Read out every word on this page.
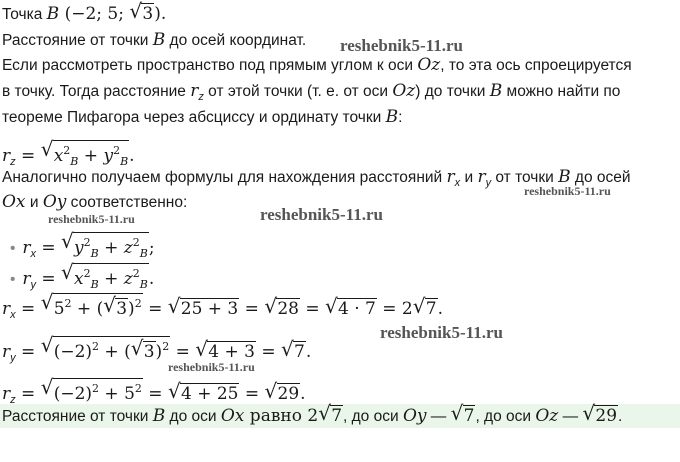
Точка B (−2; 5; √ 3).
Расстояние от точки B до осей координат.
Если рассмотреть пространство под прямым углом к оси Oz, то эта ось спроецируется
в точку. Тогда расстояние $r_z$ от этой точки (т. е. от оси Oz) до точки B можно найти по
теореме Пифагора через абсциссу и ординату точки B:
$r_z$ = √ $x^2_B + y^2_B$.
Аналогично получаем формулы для нахождения расстояний $r_x$ и $r_y$ от точки B до осей
Ox и Oy соответственно:
• $r_x$ = √ $y^2_B + z^2_B$;
• $r_y$ = √ $x^2_B + z^2_B$.
$r_x$ = √ $5^2$ + ( √ 3)$^2$ = √ 25 + 3 = √ 28 = √ 4 · 7 = 2 √ 7.
$r_y$ = √ $(-2)^2$ + ( √ 3)$^2$ = √ 4 + 3 = √ 7.
$r_z$ = √ $(-2)^2 + 5^2$ = √ 4 + 25 = √ 29.
Расстояние от точки B до оси Ox равно 2 √ 7, до оси Oy — √ 7, до оси Oz — √ 29.
reshebnik5-11.ru
reshebnik5-11.ru
reshebnik5-11.ru	reshebnik5-11.ru
reshebnik5-11.ru
reshebnik5-11.ru
